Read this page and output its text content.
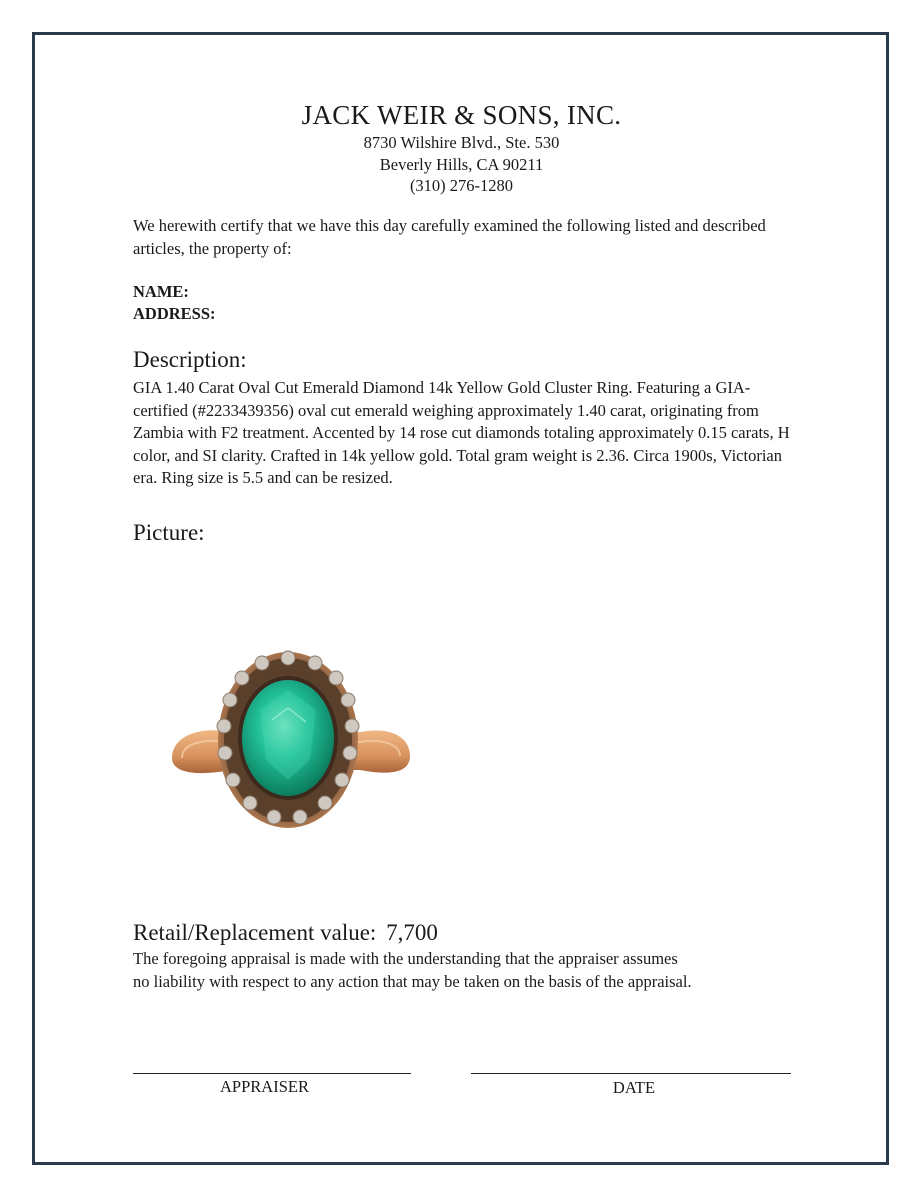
JACK WEIR & SONS, INC.
8730 Wilshire Blvd., Ste. 530
Beverly Hills, CA 90211
(310) 276-1280

We herewith certify that we have this day carefully examined the following listed and described articles, the property of:

NAME:
ADDRESS:
Description:

GIA 1.40 Carat Oval Cut Emerald Diamond 14k Yellow Gold Cluster Ring. Featuring a GIA-certified (#2233439356) oval cut emerald weighing approximately 1.40 carat, originating from Zambia with F2 treatment. Accented by 14 rose cut diamonds totaling approximately 0.15 carats, H color, and SI clarity. Crafted in 14k yellow gold. Total gram weight is 2.36. Circa 1900s, Victorian era. Ring size is 5.5 and can be resized.

Picture:
Retail/Replacement value: 7,700

The foregoing appraisal is made with the understanding that the appraiser assumes

no liability with respect to any action that may be taken on the basis of the appraisal.

APPRAISER	DATE
